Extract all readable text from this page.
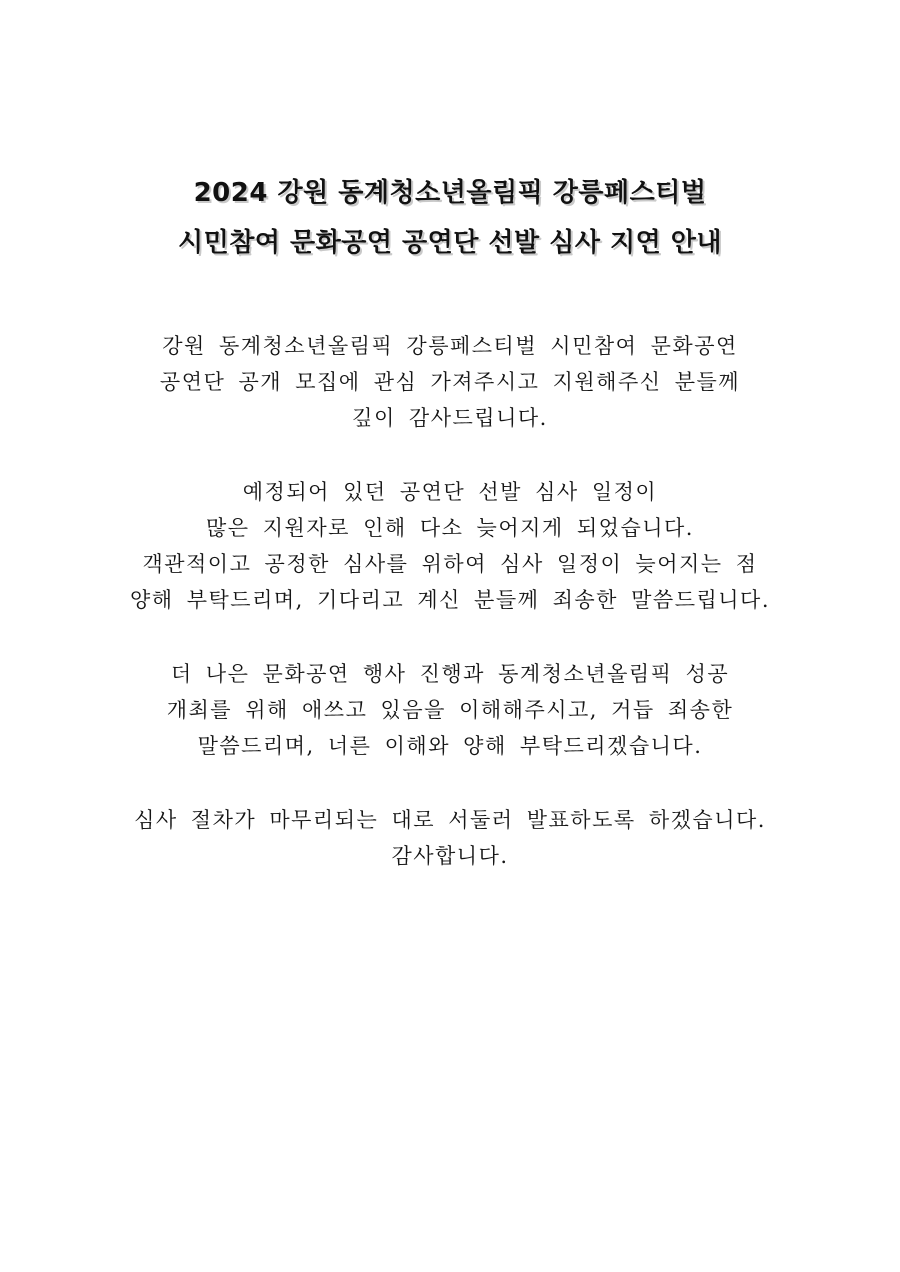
2024 강원 동계청소년올림픽 강릉페스티벌
시민참여 문화공연 공연단 선발 심사 지연 안내
강원 동계청소년올림픽 강릉페스티벌 시민참여 문화공연
공연단 공개 모집에 관심 가져주시고 지원해주신 분들께
깊이 감사드립니다.
예정되어 있던 공연단 선발 심사 일정이
많은 지원자로 인해 다소 늦어지게 되었습니다.
객관적이고 공정한 심사를 위하여 심사 일정이 늦어지는 점
양해 부탁드리며, 기다리고 계신 분들께 죄송한 말씀드립니다.
더 나은 문화공연 행사 진행과 동계청소년올림픽 성공
개최를 위해 애쓰고 있음을 이해해주시고, 거듭 죄송한
말씀드리며, 너른 이해와 양해 부탁드리겠습니다.
심사 절차가 마무리되는 대로 서둘러 발표하도록 하겠습니다.
감사합니다.
